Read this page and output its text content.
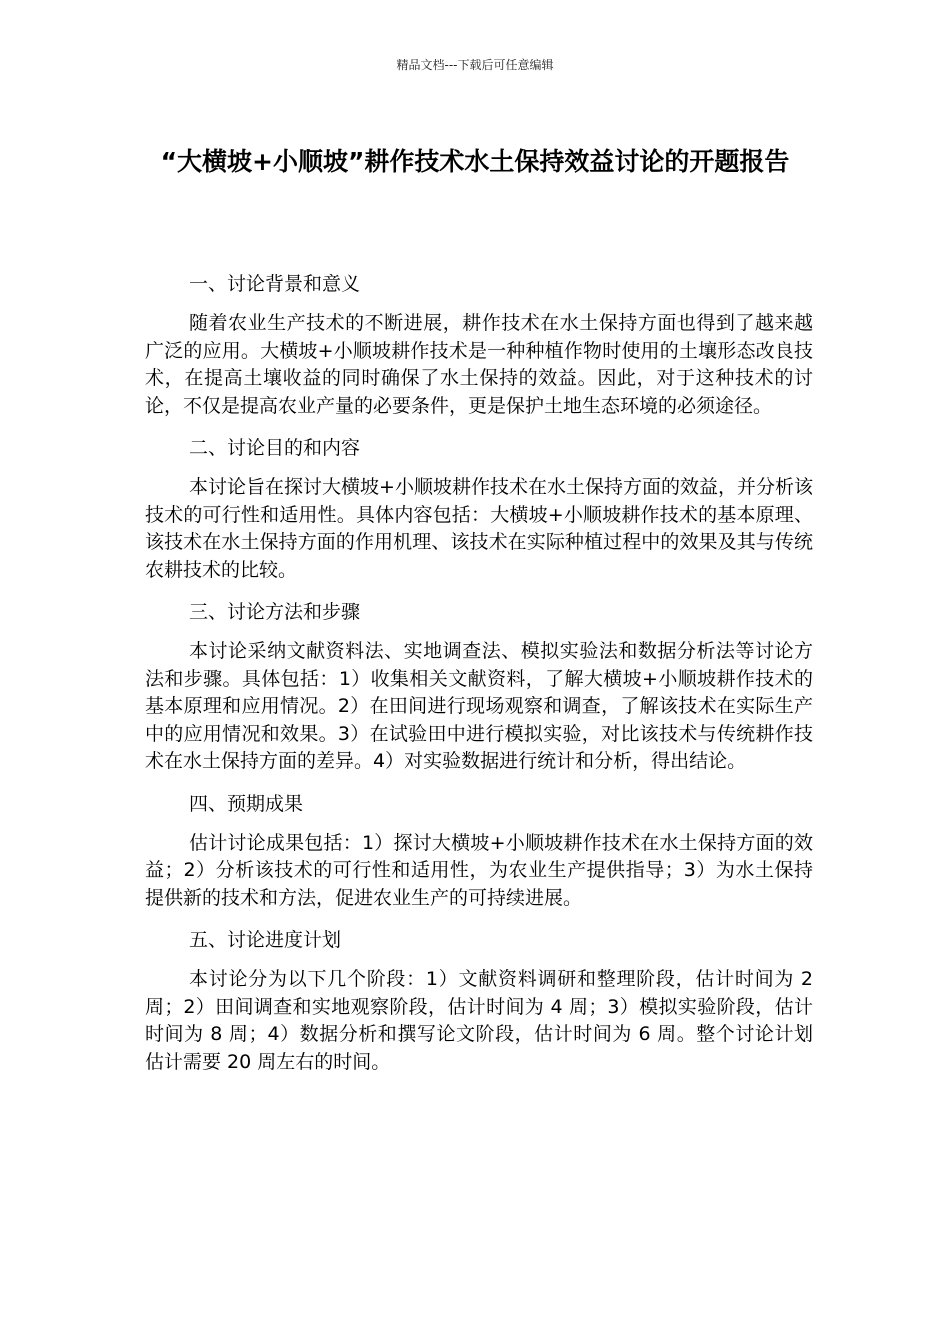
精品文档---下载后可任意编辑
“大横坡+小顺坡”耕作技术水土保持效益讨论的开题报告
一、讨论背景和意义

随着农业生产技术的不断进展，耕作技术在水土保持方面也得到了越来越广泛的应用。大横坡+小顺坡耕作技术是一种种植作物时使用的土壤形态改良技术，在提高土壤收益的同时确保了水土保持的效益。因此，对于这种技术的讨论，不仅是提高农业产量的必要条件，更是保护土地生态环境的必须途径。

二、讨论目的和内容

本讨论旨在探讨大横坡+小顺坡耕作技术在水土保持方面的效益，并分析该技术的可行性和适用性。具体内容包括：大横坡+小顺坡耕作技术的基本原理、该技术在水土保持方面的作用机理、该技术在实际种植过程中的效果及其与传统农耕技术的比较。

三、讨论方法和步骤

本讨论采纳文献资料法、实地调查法、模拟实验法和数据分析法等讨论方法和步骤。具体包括：1）收集相关文献资料，了解大横坡+小顺坡耕作技术的基本原理和应用情况。2）在田间进行现场观察和调查，了解该技术在实际生产中的应用情况和效果。3）在试验田中进行模拟实验，对比该技术与传统耕作技术在水土保持方面的差异。4）对实验数据进行统计和分析，得出结论。

四、预期成果

估计讨论成果包括：1）探讨大横坡+小顺坡耕作技术在水土保持方面的效益；2）分析该技术的可行性和适用性，为农业生产提供指导；3）为水土保持提供新的技术和方法，促进农业生产的可持续进展。

五、讨论进度计划

本讨论分为以下几个阶段：1）文献资料调研和整理阶段，估计时间为 2 周；2）田间调查和实地观察阶段，估计时间为 4 周；3）模拟实验阶段，估计时间为 8 周；4）数据分析和撰写论文阶段，估计时间为 6 周。整个讨论计划估计需要 20 周左右的时间。
